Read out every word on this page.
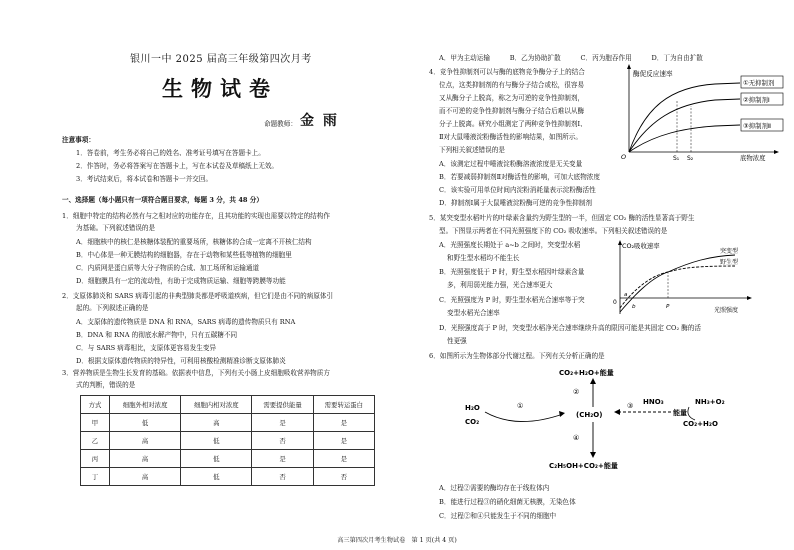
银川一中 2025 届高三年级第四次月考
生物试卷
命题教师： 金 雨
注意事项：
1．答卷前，考生务必将自己的姓名、准考证号填写在答题卡上。
2．作答时，务必将答案写在答题卡上，写在本试卷及草稿纸上无效。
3．考试结束后，将本试卷和答题卡一并交回。
一、选择题（每小题只有一项符合题目要求，每题 3 分，共 48 分）
1．细胞中特定的结构必然有与之相对应的功能存在，且其功能的实现也需要以特定的结构作
为基础。下列叙述错误的是
A．细胞核中的核仁是核糖体装配的重要场所，核糖体的合成一定离不开核仁结构
B．中心体是一种无膜结构的细胞器，存在于动物和某些低等植物的细胞里
C．内质网是蛋白质等大分子物质的合成、加工场所和运输通道
D．细胞膜具有一定的流动性，有助于完成物质运输、细胞等跨膜等功能
2．支原体肺炎和 SARS 病毒引起的非典型肺炎都是呼吸道疾病，但它们是由不同的病原体引
起的。下列叙述正确的是
A．支原体的遗传物质是 DNA 和 RNA，SARS 病毒的遗传物质只有 RNA
B．DNA 和 RNA 的彻底水解产物中，只有五碳糖不同
C．与 SARS 病毒相比，支原体更容易发生变异
D．根据支原体遗传物质的特异性，可利用核酸检测精准诊断支原体肺炎
3．营养物质是生物生长发育的基础。依据表中信息，下列有关小肠上皮细胞吸收营养物质方
式的判断，错误的是
方式	细胞外相对浓度	细胞内相对浓度	需要提供能量	需要转运蛋白
甲	低	高	是	是
乙	高	低	否	是
丙	高	低	是	是
丁	高	低	否	否
A．甲为主动运输　　　B．乙为协助扩散　　　C．丙为胞吞作用　　　D．丁为自由扩散
4．竞争性抑制剂可以与酶的底物竞争酶分子上的结合
位点，这类抑制剂的有与酶分子结合或松，很容易
又从酶分子上脱高，称之为可逆的竞争性抑制剂，
而不可逆的竞争性抑制剂与酶分子结合后难以从酶
分子上脱离。研究小组测定了两种竞争性抑制剂Ⅰ、
Ⅱ对大鼠唾液淀粉酶活性的影响结果，如图所示。
下列相关叙述错误的是
A．该测定过程中唾液淀粉酶溶液浓度是无关变量
B．若要减弱抑制剂Ⅱ对酶活性的影响，可加大底物浓度
C．该实验可用单位时间内淀粉消耗量表示淀粉酶活性
D．抑制剂Ⅰ属于大鼠唾液淀粉酶可逆的竞争性抑制剂
酶促反应速率
底物浓度
O	S₁ S₂
①无抑制剂
②抑制剂Ⅰ
③抑制剂Ⅱ
5．某突变型水稻叶片的叶绿素含量约为野生型的一半，但固定 CO₂ 酶的活性显著高于野生
型。下图显示两者在不同光照强度下的 CO₂ 吸收速率。下列相关叙述错误的是
A．光照强度长期处于 a~b 之间时，突变型水稻
和野生型水稻均不能生长
B．光照强度低于 P 时，野生型水稻因叶绿素含量
多，利用弱光能力强，光合速率更大
C．光照强度为 P 时，野生型水稻光合速率等于突
变型水稻光合速率
D．光照强度高于 P 时，突变型水稻净光合速率继续升高的限因可能是其固定 CO₂ 酶的活
性更强
CO₂吸收速率
光照强度
0
a
b	P
突变型
野生型
6．如图所示为生物体部分代谢过程。下列有关分析正确的是
CO₂+H₂O+能量
(CH₂O)
C₂H₅OH+CO₂+能量
H₂O
CO₂
HNO₃	NH₃+O₂
能量
CO₂+H₂O
①
②
③
④
A．过程②需要的酶均存在于线粒体内
B．能进行过程③的硝化细菌无核膜，无染色体
C．过程②和④只能发生于不同的细胞中
高三第四次月考生物试卷　第 1 页(共 4 页)
